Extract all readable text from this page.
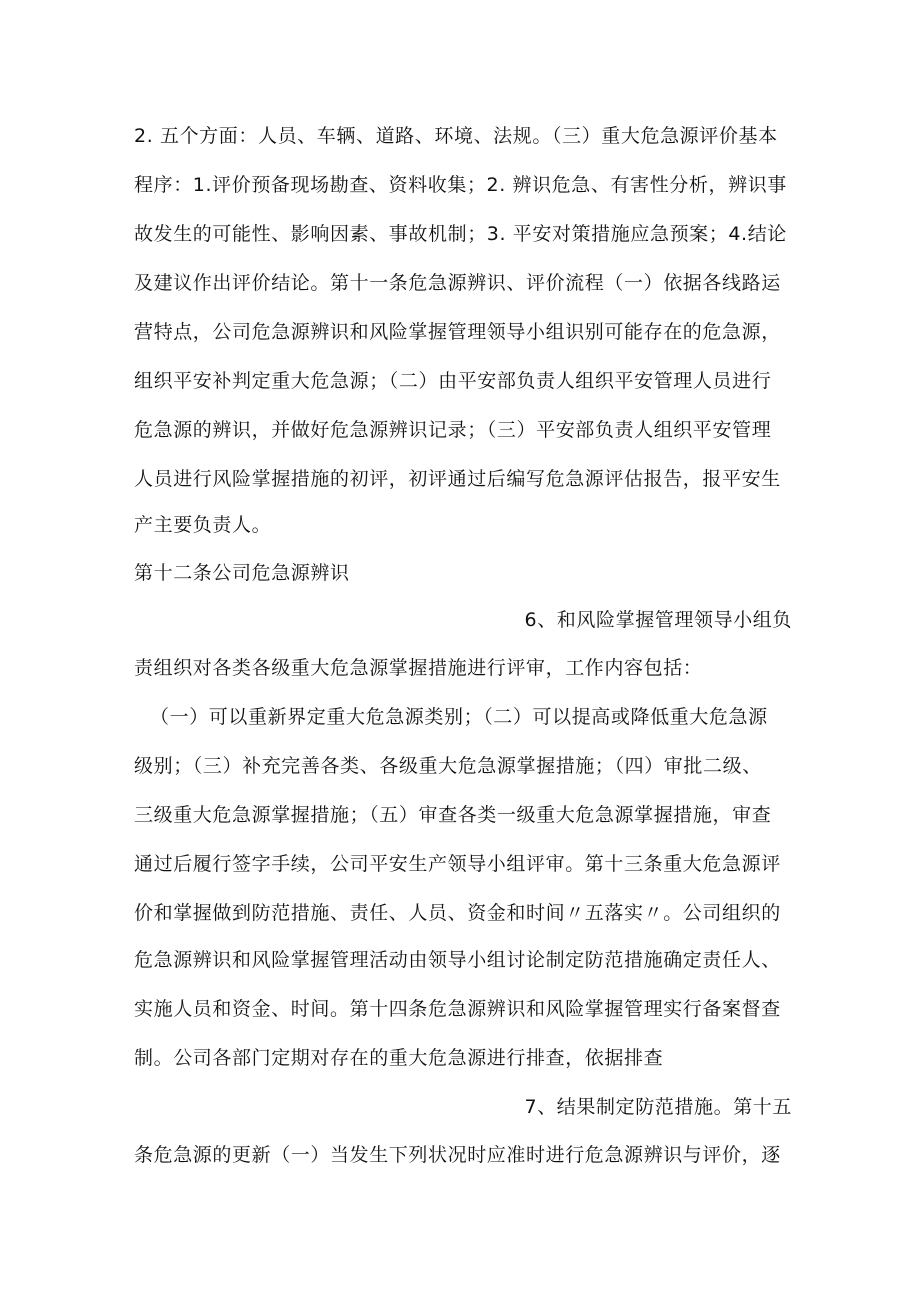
2. 五个方面：人员、车辆、道路、环境、法规。（三）重大危急源评价基本
程序：1.评价预备现场勘查、资料收集；2. 辨识危急、有害性分析，辨识事
故发生的可能性、影响因素、事故机制；3. 平安对策措施应急预案；4.结论
及建议作出评价结论。第十一条危急源辨识、评价流程（一）依据各线路运
营特点，公司危急源辨识和风险掌握管理领导小组识别可能存在的危急源，
组织平安补判定重大危急源；（二）由平安部负责人组织平安管理人员进行
危急源的辨识，并做好危急源辨识记录；（三）平安部负责人组织平安管理
人员进行风险掌握措施的初评，初评通过后编写危急源评估报告，报平安生
产主要负责人。
第十二条公司危急源辨识
6、和风险掌握管理领导小组负
责组织对各类各级重大危急源掌握措施进行评审，工作内容包括：
（一）可以重新界定重大危急源类别；（二）可以提高或降低重大危急源
级别；（三）补充完善各类、各级重大危急源掌握措施；（四）审批二级、
三级重大危急源掌握措施；（五）审查各类一级重大危急源掌握措施，审查
通过后履行签字手续，公司平安生产领导小组评审。第十三条重大危急源评
价和掌握做到防范措施、责任、人员、资金和时间〃五落实〃。公司组织的
危急源辨识和风险掌握管理活动由领导小组讨论制定防范措施确定责任人、
实施人员和资金、时间。第十四条危急源辨识和风险掌握管理实行备案督查
制。公司各部门定期对存在的重大危急源进行排查，依据排查
7、结果制定防范措施。第十五
条危急源的更新（一）当发生下列状况时应准时进行危急源辨识与评价，逐
